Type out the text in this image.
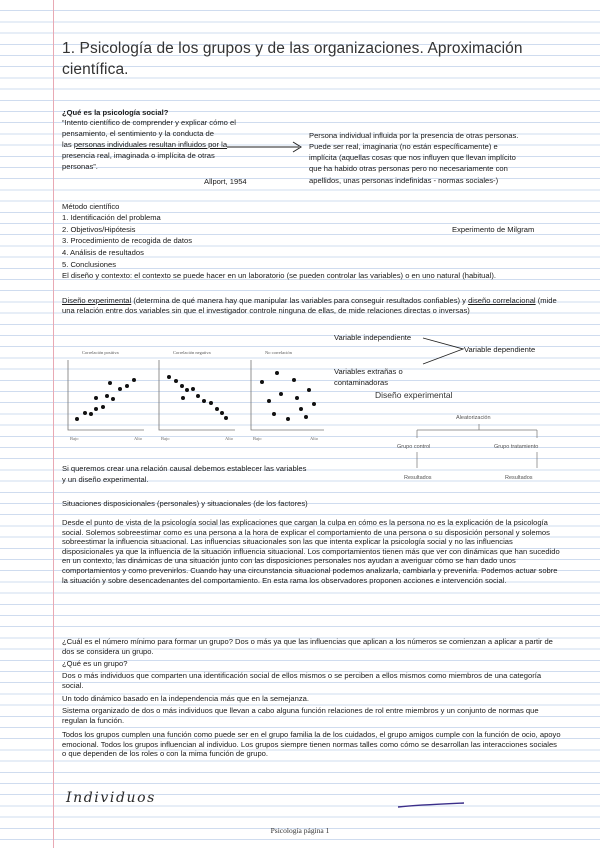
1. Psicología de los grupos y de las organizaciones. Aproximación científica.
¿Qué es la psicología social?
“Intento científico de comprender y explicar cómo el
pensamiento, el sentimiento y la conducta de
las personas individuales resultan influidos por la
presencia real, imaginada o implícita de otras
personas”.
Allport, 1954
Persona individual influida por la presencia de otras personas.
Puede ser real, imaginaria (no están específicamente) e
implícita (aquellas cosas que nos influyen que llevan implícito
que ha habido otras personas pero no necesariamente con
apellidos, unas personas indefinidas - normas sociales-)
Método científico
1. Identificación del problema
2. Objetivos/Hipótesis
3. Procedimiento de recogida de datos
4. Análisis de resultados
5. Conclusiones
Experimento de Milgram
El diseño y contexto: el contexto se puede hacer en un laboratorio (se pueden controlar las variables) o en uno natural (habitual).
Diseño experimental (determina de qué manera hay que manipular las variables para conseguir resultados confiables) y diseño correlacional (mide una relación entre dos variables sin que el investigador controle ninguna de ellas, de mide relaciones directas o inversas)
Correlación positiva	Correlación negativa	No correlación
Bajo	Alto	Bajo	Alto	Bajo	Alto
Variable independiente
Variable dependiente
Variables extrañas o
contaminadoras
Diseño experimental
Aleatorización
Grupo control	Grupo tratamiento
Resultados	Resultados
Si queremos crear una relación causal debemos establecer las variables
y un diseño experimental.
Situaciones disposicionales (personales) y situacionales (de los factores)
Desde el punto de vista de la psicología social las explicaciones que cargan la culpa en cómo es la persona no es la explicación de la psicología social. Solemos sobreestimar como es una persona a la hora de explicar el comportamiento de una persona o su disposición personal y solemos sobreestimar la influencia situacional. Las influencias situacionales son las que intenta explicar la psicología social y no las influencias disposicionales ya que la influencia de la situación influencia situacional. Los comportamientos tienen más que ver con dinámicas que han sucedido en un contexto, las dinámicas de una situación junto con las disposiciones personales nos ayudan a averiguar cómo se han dado unos comportamientos y como prevenirlos. Cuando hay una circunstancia situacional podemos analizarla, cambiarla y prevenirla. Podemos actuar sobre la situación y sobre desencadenantes del comportamiento. En esta rama los observadores proponen acciones e intervención social.
¿Cuál es el número mínimo para formar un grupo? Dos o más ya que las influencias que aplican a los números se comienzan a aplicar a partir de dos se considera un grupo.
¿Qué es un grupo?
Dos o más individuos que comparten una identificación social de ellos mismos o se perciben a ellos mismos como miembros de una categoría social.
Un todo dinámico basado en la independencia más que en la semejanza.
Sistema organizado de dos o más individuos que llevan a cabo alguna función relaciones de rol entre miembros y un conjunto de normas que regulan la función.
Todos los grupos cumplen una función como puede ser en el grupo familia la de los cuidados, el grupo amigos cumple con la función de ocio, apoyo emocional. Todos los grupos influencian al individuo. Los grupos siempre tienen normas talles como cómo se desarrollan las interacciones sociales o que dependen de los roles o con la mima función de grupo.
Individuos
Psicología página 1
